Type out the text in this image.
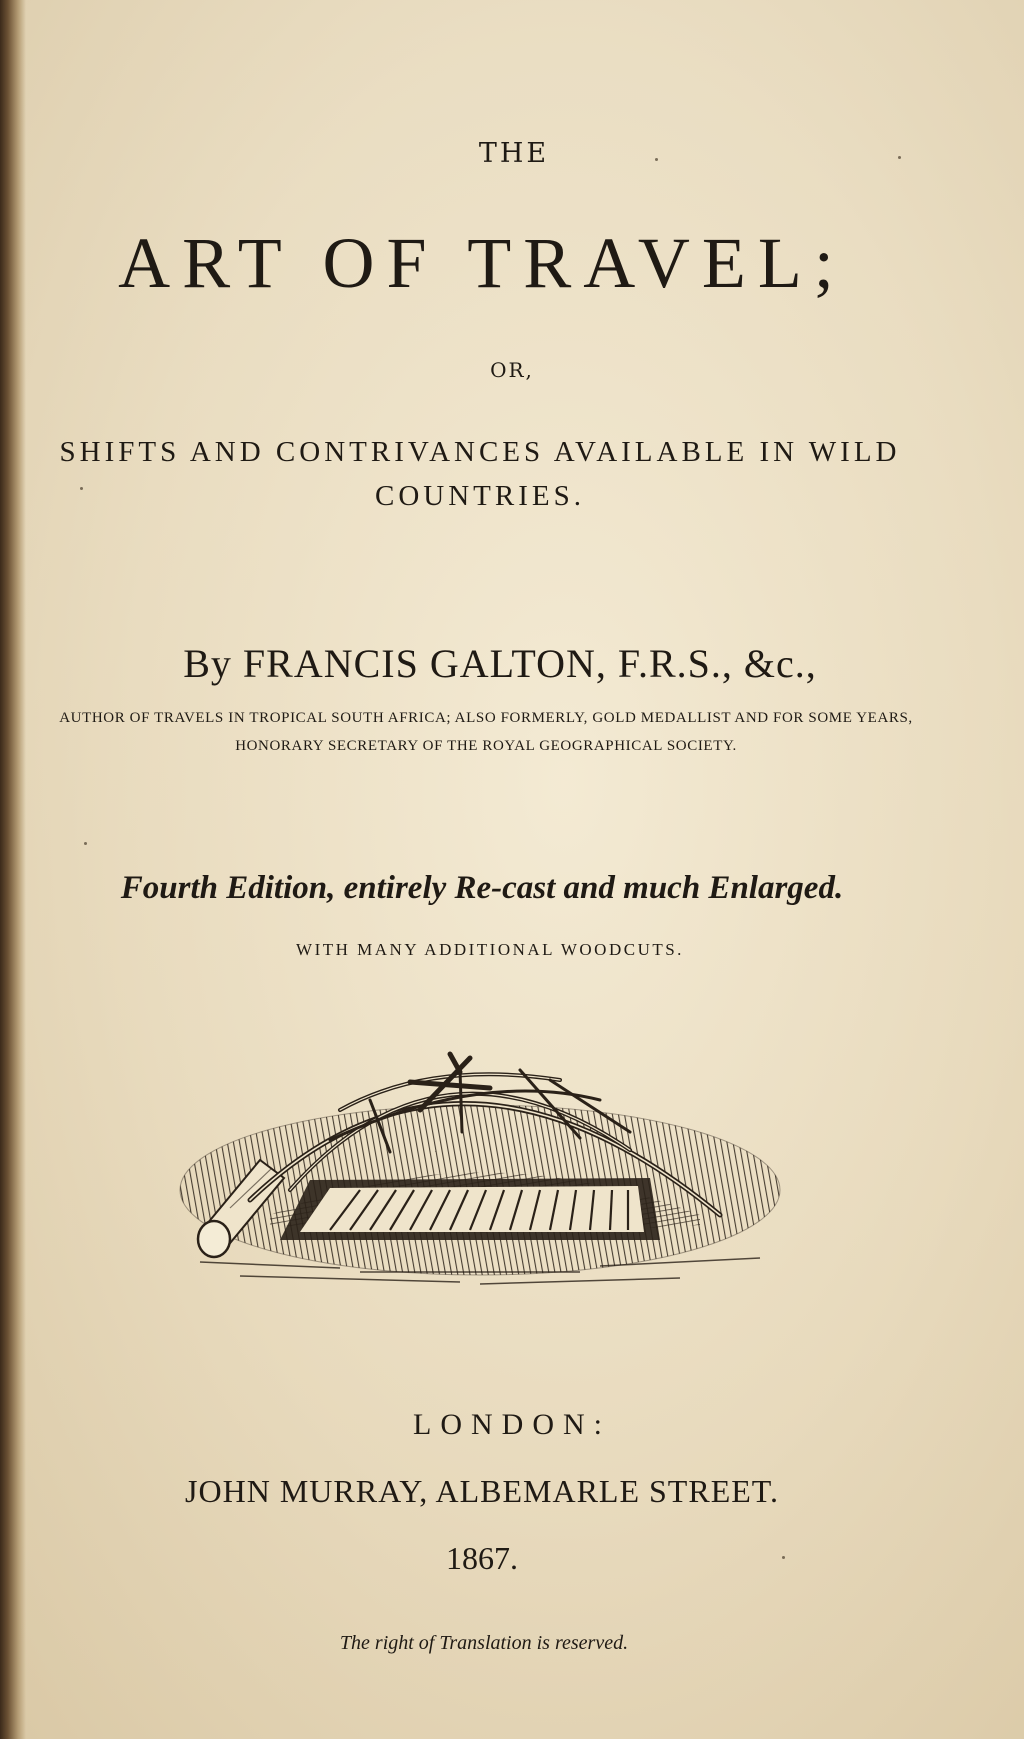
THE
ART OF TRAVEL;
OR,
SHIFTS AND CONTRIVANCES AVAILABLE IN WILD COUNTRIES.
By FRANCIS GALTON, F.R.S., &c.,
AUTHOR OF TRAVELS IN TROPICAL SOUTH AFRICA; ALSO FORMERLY, GOLD MEDALLIST AND FOR SOME YEARS, HONORARY SECRETARY OF THE ROYAL GEOGRAPHICAL SOCIETY.
Fourth Edition, entirely Re-cast and much Enlarged.
WITH MANY ADDITIONAL WOODCUTS.
LONDON:
JOHN MURRAY, ALBEMARLE STREET.
1867.
The right of Translation is reserved.
